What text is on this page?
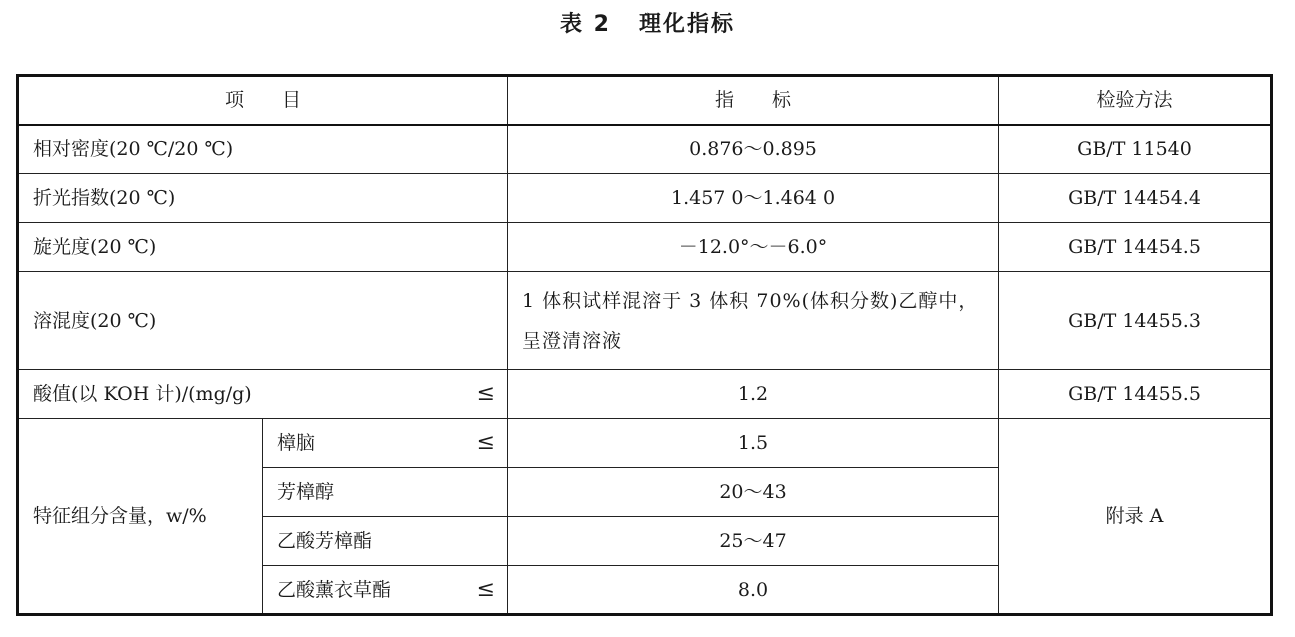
表 2 理化指标
项　　目		指　　标	检验方法
相对密度(20 ℃/20 ℃)		0.876～0.895	GB/T 11540
折光指数(20 ℃)		1.457 0～1.464 0	GB/T 14454.4
旋光度(20 ℃)		－12.0°～－6.0°	GB/T 14454.5
溶混度(20 ℃)		1 体积试样混溶于 3 体积 70%(体积分数)乙醇中，呈澄清溶液	GB/T 14455.3
酸值(以 KOH 计)/(mg/g) ≤		1.2	GB/T 14455.5
特征组分含量，w/%	樟脑 ≤	1.5	附录 A
	芳樟醇	20～43	
	乙酸芳樟酯	25～47	
	乙酸薰衣草酯 ≤	8.0	
